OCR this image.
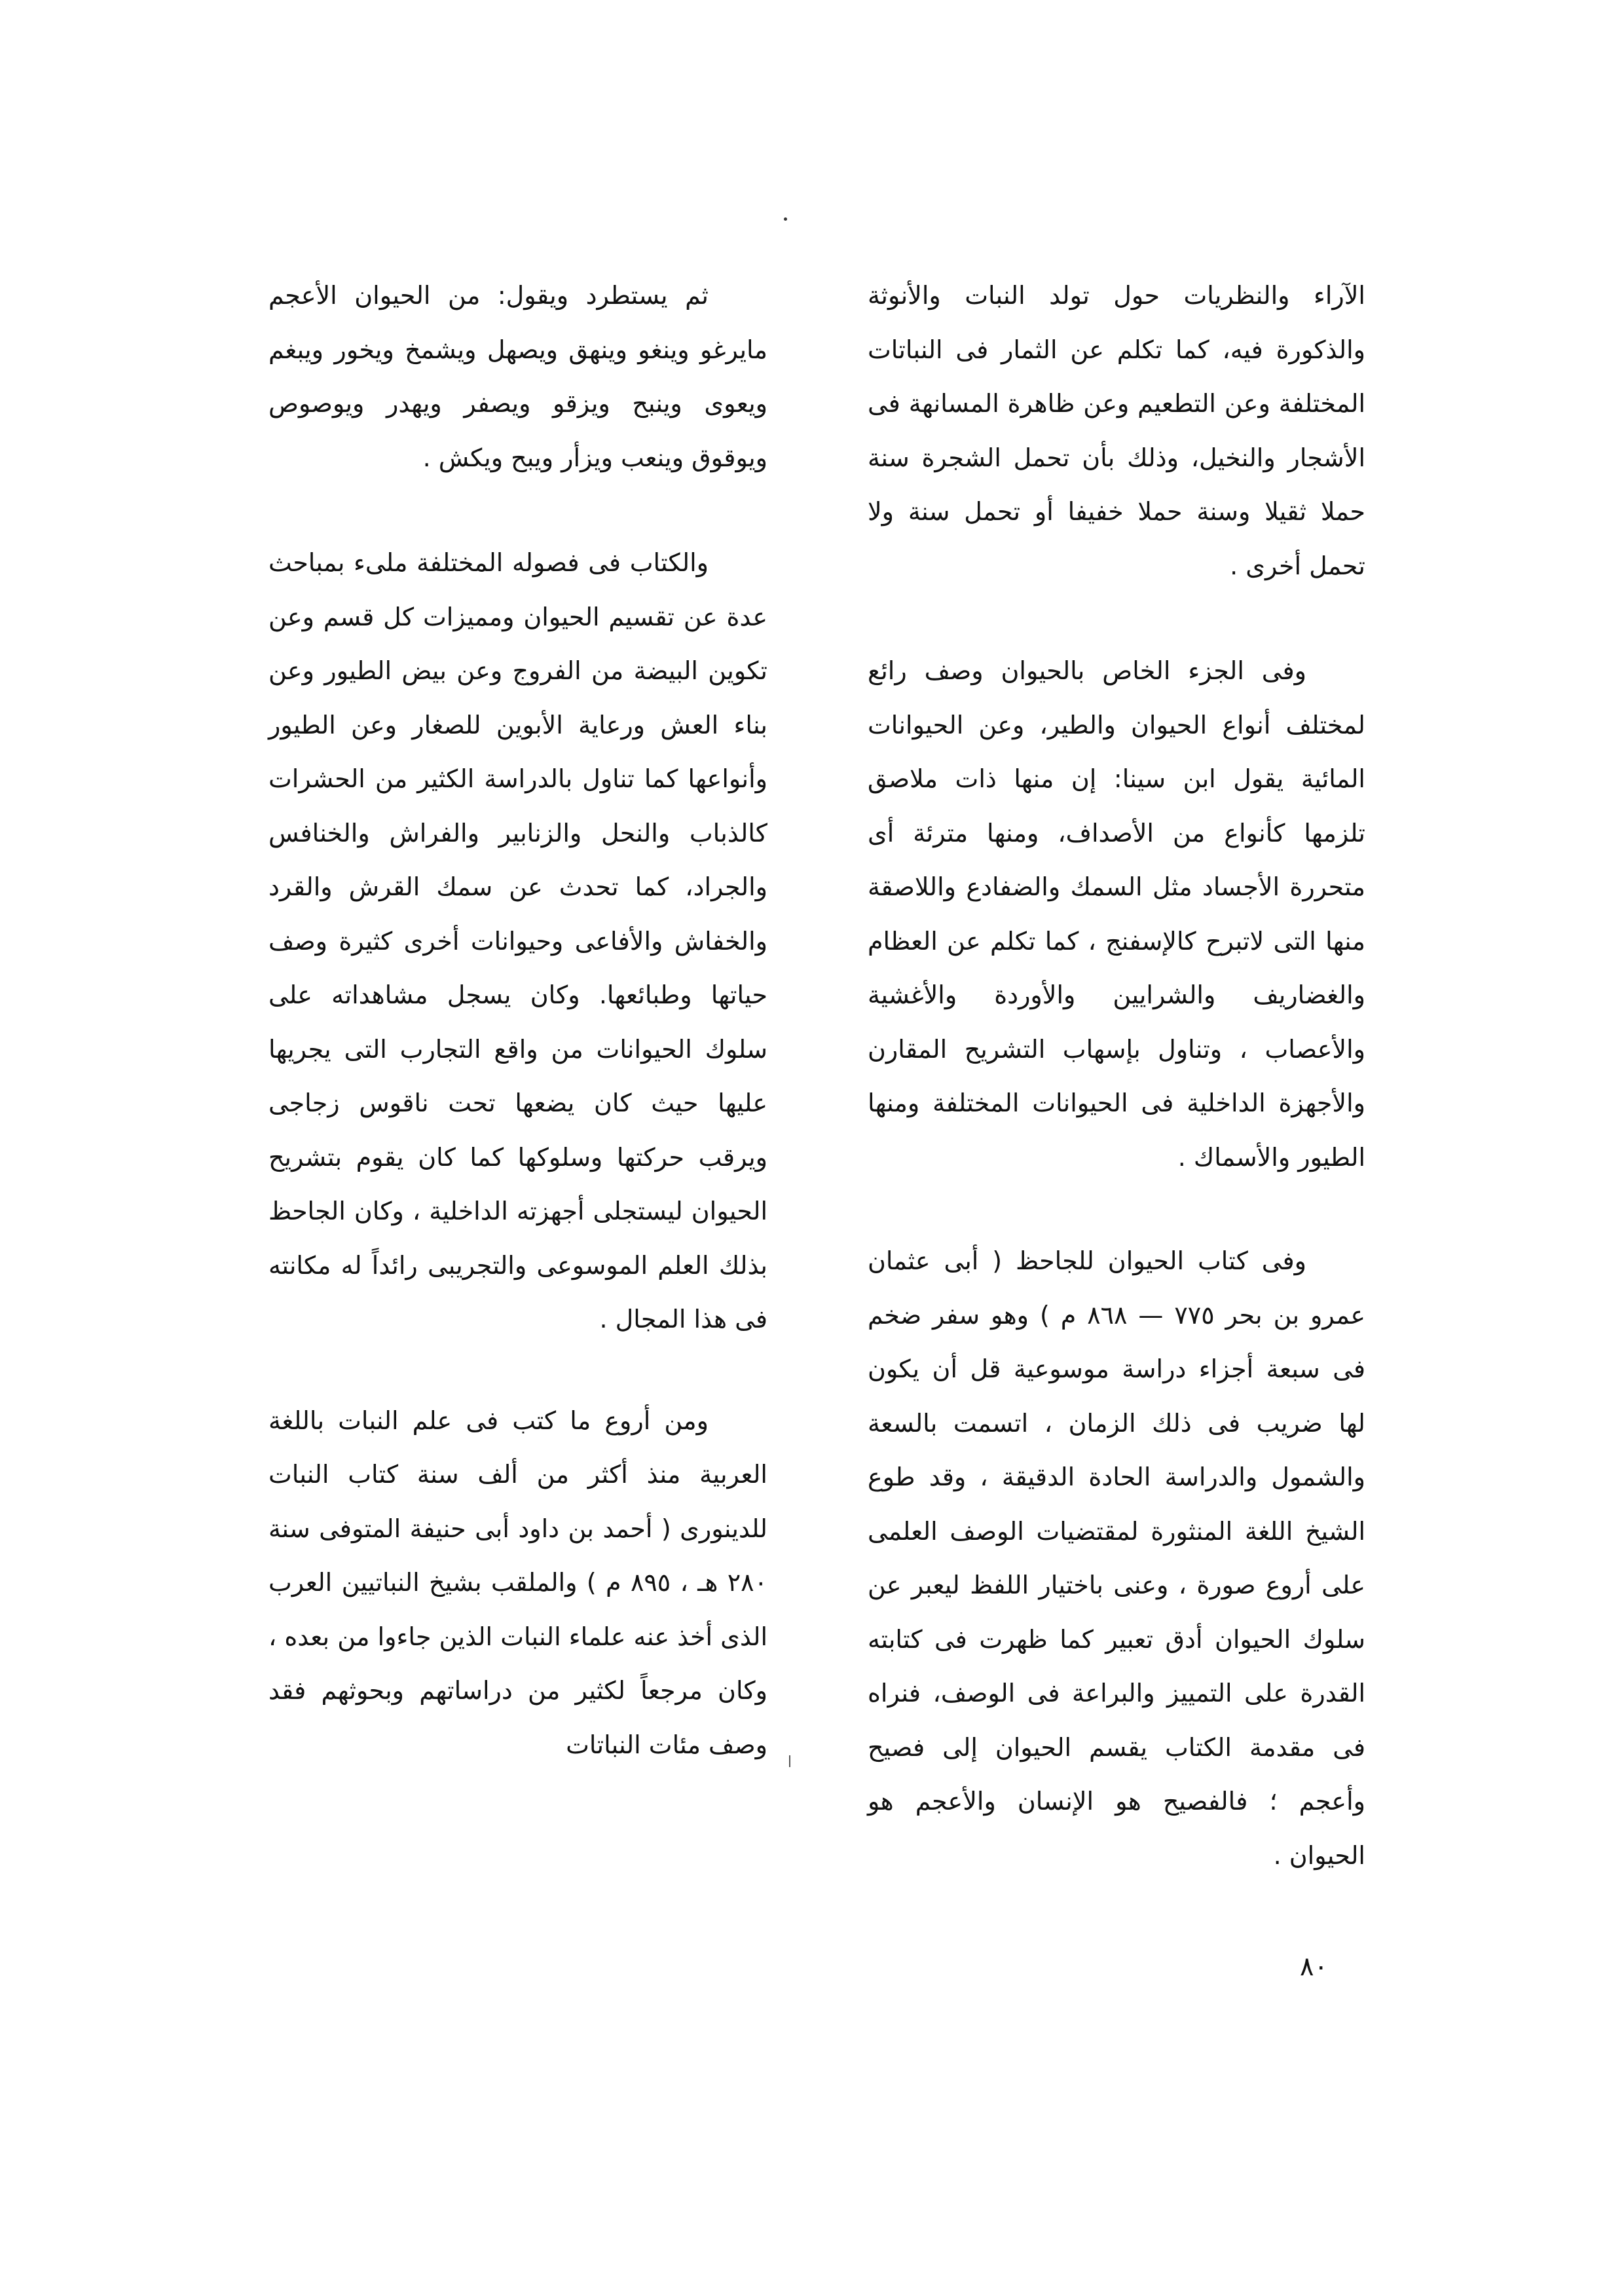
الآراء والنظريات حول تولد النبات والأنوثة والذكورة فيه، كما تكلم عن الثمار فى النباتات المختلفة وعن التطعيم وعن ظاهرة المسانهة فى الأشجار والنخيل، وذلك بأن تحمل الشجرة سنة حملا ثقيلا وسنة حملا خفيفا أو تحمل سنة ولا تحمل أخرى .

وفى الجزء الخاص بالحيوان وصف رائع لمختلف أنواع الحيوان والطير، وعن الحيوانات المائية يقول ابن سينا: إن منها ذات ملاصق تلزمها كأنواع من الأصداف، ومنها مترئة أى متحررة الأجساد مثل السمك والضفادع واللاصقة منها التى لاتبرح كالإسفنج ، كما تكلم عن العظام والغضاريف والشرايين والأوردة والأغشية والأعصاب ، وتناول بإسهاب التشريح المقارن والأجهزة الداخلية فى الحيوانات المختلفة ومنها الطيور والأسماك .

وفى كتاب الحيوان للجاحظ ( أبى عثمان عمرو بن بحر ٧٧٥ — ٨٦٨ م ) وهو سفر ضخم فى سبعة أجزاء دراسة موسوعية قل أن يكون لها ضريب فى ذلك الزمان ، اتسمت بالسعة والشمول والدراسة الحادة الدقيقة ، وقد طوع الشيخ اللغة المنثورة لمقتضيات الوصف العلمى على أروع صورة ، وعنى باختيار اللفظ ليعبر عن سلوك الحيوان أدق تعبير كما ظهرت فى كتابته القدرة على التمييز والبراعة فى الوصف، فنراه فى مقدمة الكتاب يقسم الحيوان إلى فصيح وأعجم ؛ فالفصيح هو الإنسان والأعجم هو الحيوان .

ثم يستطرد ويقول: من الحيوان الأعجم مايرغو وينغو وينهق ويصهل ويشمخ ويخور ويبغم ويعوى وينبح ويزقو ويصفر ويهدر ويوصوص ويوقوق وينعب ويزأر ويبح ويكش .

والكتاب فى فصوله المختلفة ملىء بمباحث عدة عن تقسيم الحيوان ومميزات كل قسم وعن تكوين البيضة من الفروج وعن بيض الطيور وعن بناء العش ورعاية الأبوين للصغار وعن الطيور وأنواعها كما تناول بالدراسة الكثير من الحشرات كالذباب والنحل والزنابير والفراش والخنافس والجراد، كما تحدث عن سمك القرش والقرد والخفاش والأفاعى وحيوانات أخرى كثيرة وصف حياتها وطبائعها. وكان يسجل مشاهداته على سلوك الحيوانات من واقع التجارب التى يجريها عليها حيث كان يضعها تحت ناقوس زجاجى ويرقب حركتها وسلوكها كما كان يقوم بتشريح الحيوان ليستجلى أجهزته الداخلية ، وكان الجاحظ بذلك العلم الموسوعى والتجريبى رائداً له مكانته فى هذا المجال .

ومن أروع ما كتب فى علم النبات باللغة العربية منذ أكثر من ألف سنة كتاب النبات للدينورى ( أحمد بن داود أبى حنيفة المتوفى سنة ٢٨٠ هـ ، ٨٩٥ م ) والملقب بشيخ النباتيين العرب الذى أخذ عنه علماء النبات الذين جاءوا من بعده ، وكان مرجعاً لكثير من دراساتهم وبحوثهم فقد وصف مئات النباتات

٨٠
